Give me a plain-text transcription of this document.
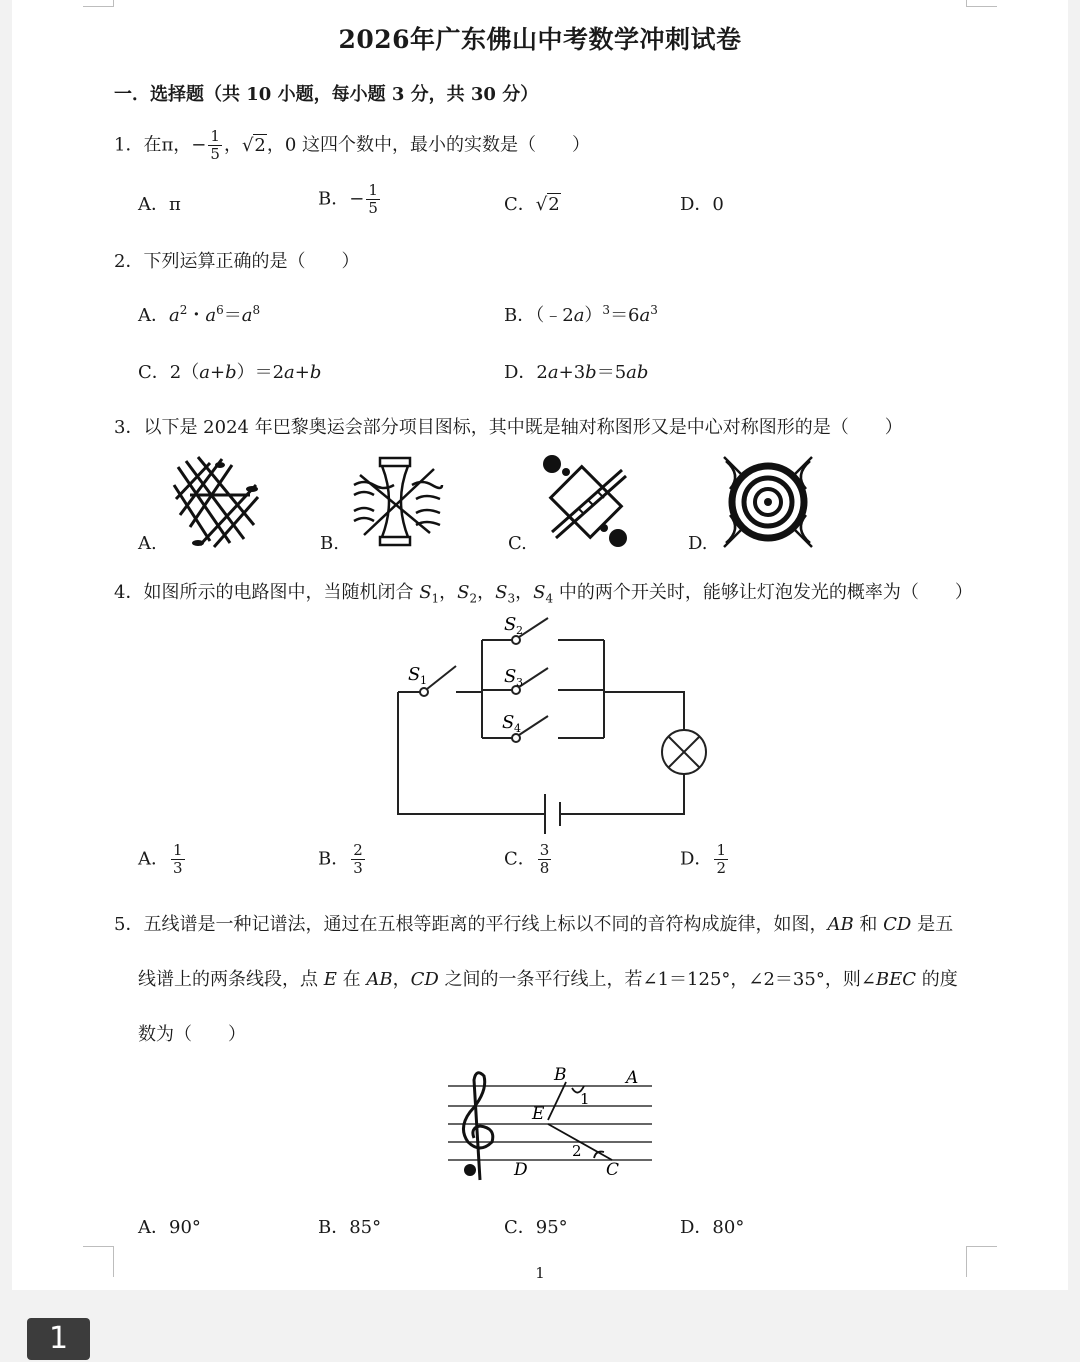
2026年广东佛山中考数学冲刺试卷
一．选择题（共 10 小题，每小题 3 分，共 30 分）
1．在π，− $\frac{1}{5}$ ，√2，0 这四个数中，最小的实数是（　　）
A．π	B．− $\frac{1}{5}$	C．√2	D．0
2．下列运算正确的是（　　）
A．$a^2$・$a^6=a^8$	B．$(﹣2a)^3=6a^3$
C．2（a+b）＝2a+b	D．2a+3b＝5ab
3．以下是 2024 年巴黎奥运会部分项目图标，其中既是轴对称图形又是中心对称图形的是（　　）
A.	B.	C.	D.
4．如图所示的电路图中，当随机闭合 $S_1$，$S_2$，$S_3$，$S_4$ 中的两个开关时，能够让灯泡发光的概率为（　　）
S 1
S 2
S 3
S 4
A． $\frac{1}{3}$	B． $\frac{2}{3}$	C． $\frac{3}{8}$	D． $\frac{1}{2}$
5．五线谱是一种记谱法，通过在五根等距离的平行线上标以不同的音符构成旋律，如图，AB 和 CD 是五
线谱上的两条线段，点 E 在 AB，CD 之间的一条平行线上，若∠1＝125°，∠2＝35°，则∠BEC 的度
数为（　　）
B	A
1
E
2
D	C
A．90°	B．85°	C．95°	D．80°
1
1
